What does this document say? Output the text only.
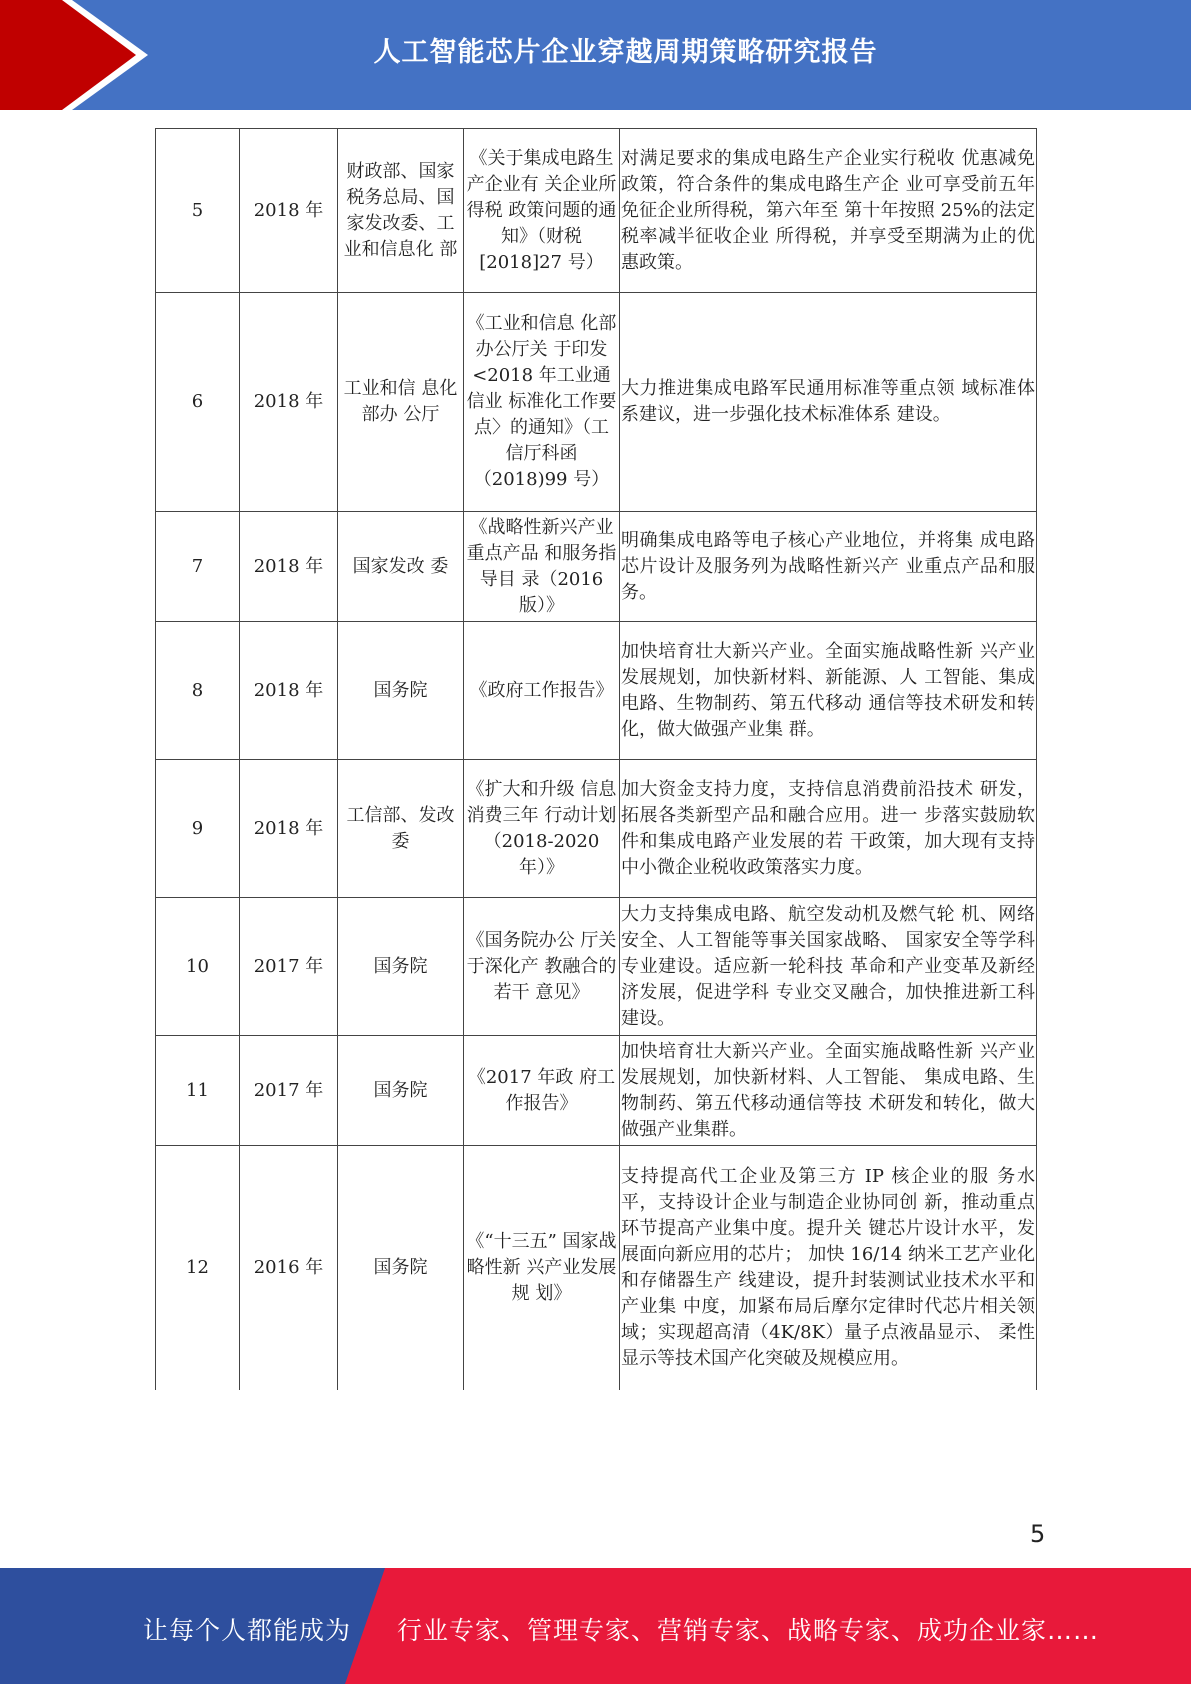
人工智能芯片企业穿越周期策略研究报告
5	2018 年	财政部、国家税务总局、国家发改委、工业和信息化 部	《关于集成电路生产企业有 关企业所得税 政策问题的通 知》（财税 [2018]27 号）	对满足要求的集成电路生产企业实行税收 优惠减免政策，符合条件的集成电路生产企 业可享受前五年免征企业所得税，第六年至 第十年按照 25%的法定税率减半征收企业 所得税，并享受至期满为止的优惠政策。
6	2018 年	工业和信 息化部办 公厅	《工业和信息 化部办公厅关 于印发<2018 年工业通信业 标准化工作要 点〉的通知》（工信厅科函 （2018)99 号）	大力推进集成电路军民通用标准等重点领 域标准体系建议，进一步强化技术标准体系 建设。
7	2018 年	国家发改 委	《战略性新兴产业重点产品 和服务指导目 录（2016 版）》	明确集成电路等电子核心产业地位，并将集 成电路芯片设计及服务列为战略性新兴产 业重点产品和服务。
8	2018 年	国务院	《政府工作报告》	加快培育壮大新兴产业。全面实施战略性新 兴产业发展规划，加快新材料、新能源、人 工智能、集成电路、生物制药、第五代移动 通信等技术研发和转化，做大做强产业集 群。
9	2018 年	工信部、发改委	《扩大和升级 信息消费三年 行动计划 （2018-2020 年）》	加大资金支持力度，支持信息消费前沿技术 研发，拓展各类新型产品和融合应用。进一 步落实鼓励软件和集成电路产业发展的若 干政策，加大现有支持中小微企业税收政策落实力度。
10	2017 年	国务院	《国务院办公 厅关于深化产 教融合的若干 意见》	大力支持集成电路、航空发动机及燃气轮 机、网络安全、人工智能等事关国家战略、 国家安全等学科专业建设。适应新一轮科技 革命和产业变革及新经济发展，促进学科 专业交叉融合，加快推进新工科建设。
11	2017 年	国务院	《2017 年政 府工作报告》	加快培育壮大新兴产业。全面实施战略性新 兴产业发展规划，加快新材料、人工智能、 集成电路、生物制药、第五代移动通信等技 术研发和转化，做大做强产业集群。
12	2016 年	国务院	《“十三五” 国家战略性新 兴产业发展规 划》	支持提高代工企业及第三方 IP 核企业的服 务水平，支持设计企业与制造企业协同创 新，推动重点环节提高产业集中度。提升关 键芯片设计水平，发展面向新应用的芯片； 加快 16/14 纳米工艺产业化和存储器生产 线建设，提升封装测试业技术水平和产业集 中度，加紧布局后摩尔定律时代芯片相关领 域；实现超高清（4K/8K）量子点液晶显示、 柔性显示等技术国产化突破及规模应用。
5
让每个人都能成为 行业专家、管理专家、营销专家、战略专家、成功企业家……
